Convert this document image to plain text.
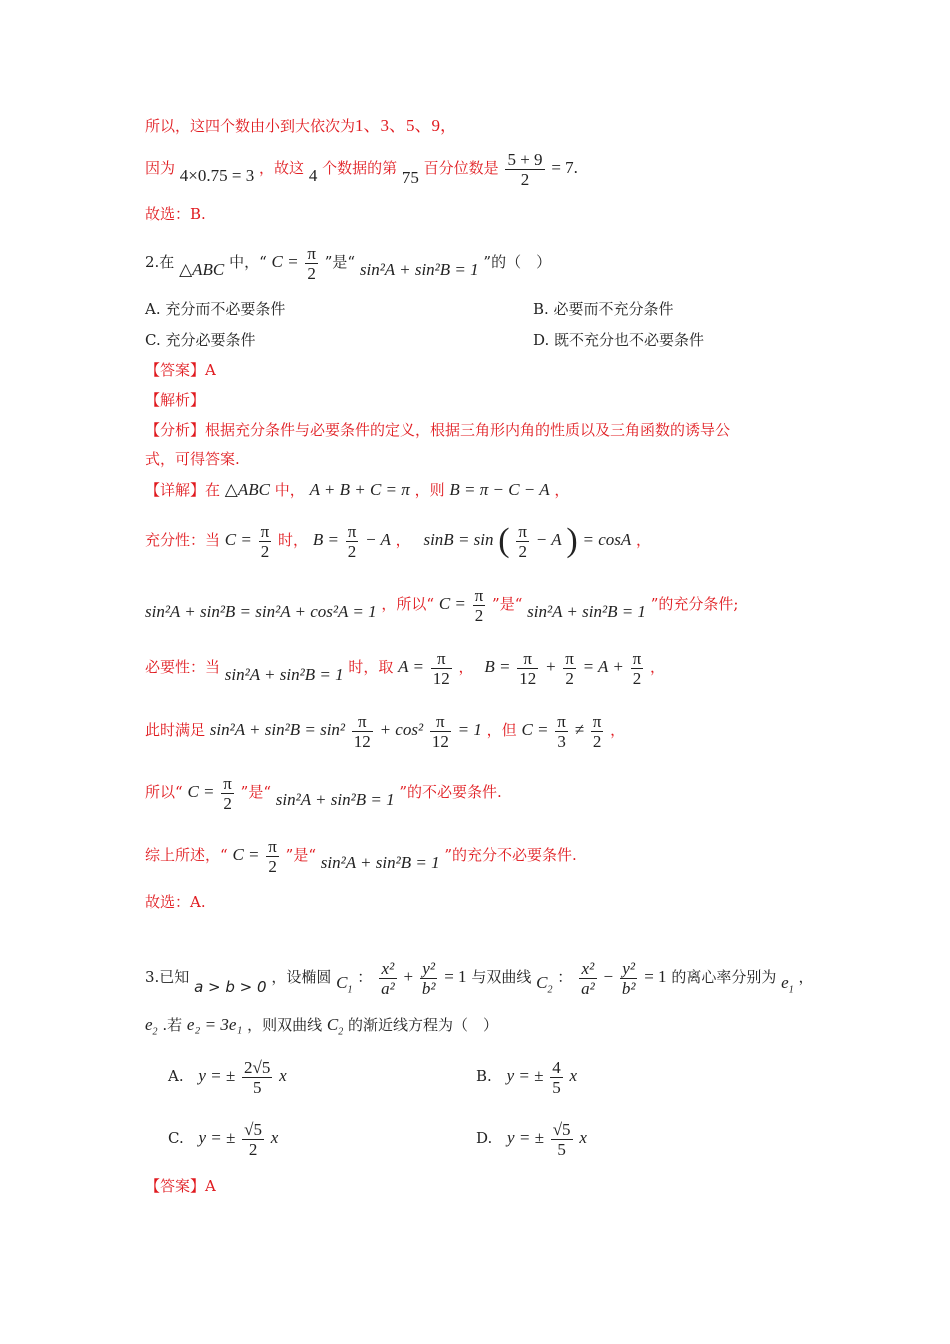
所以，这四个数由小到大依次为1、3、5、9，
因为 4×0.75 = 3 ，故这 4 个数据的第 75 百分位数是 $\frac{5 + 9}{2} = 7$.
故选：B.
2.在 △ABC 中，“ $C = \frac{\pi}{2}$ ”是“ sin²A + sin²B = 1 ”的（　）
A. 充分而不必要条件	B. 必要而不充分条件
C. 充分必要条件	D. 既不充分也不必要条件
【答案】A
【解析】
【分析】根据充分条件与必要条件的定义，根据三角形内角的性质以及三角函数的诱导公
式，可得答案.
【详解】在 △ABC 中， A + B + C = π ，则 B = π − C − A ，
充分性：当 $C = \frac{\pi}{2}$ 时， $B = \frac{\pi}{2} - A$ ， sinB = sin ( $\frac{\pi}{2} - A$ ) = cosA ，
sin²A + sin²B = sin²A + cos²A = 1 ，所以“ $C = \frac{\pi}{2}$ ”是“ sin²A + sin²B = 1 ”的充分条件;
必要性：当 sin²A + sin²B = 1 时，取 $A = \frac{\pi}{12}$ ， $B = \frac{\pi}{12} + \frac{\pi}{2} = A + \frac{\pi}{2}$ ，
此时满足 $\sin^2A + \sin^2B = \sin^2 \frac{\pi}{12} + \cos^2 \frac{\pi}{12} = 1$ ，但 $C = \frac{\pi}{3} \ne \frac{\pi}{2}$ ，
所以“ $C = \frac{\pi}{2}$ ”是“ sin²A + sin²B = 1 ”的不必要条件.
综上所述，“ $C = \frac{\pi}{2}$ ”是“ sin²A + sin²B = 1 ”的充分不必要条件.
故选：A.
3.已知 a > b > 0 ，设椭圆 $C_1$ ： $\frac{\text{x²}}{\text{a²}} + \frac{\text{y²}}{\text{b²}} = 1$ 与双曲线 $C_2$ ： $\frac{\text{x²}}{\text{a²}} - \frac{\text{y²}}{\text{b²}} = 1$ 的离心率分别为 $e_1$ ，
$e_2$ .若 e₂ = 3e₁ ，则双曲线 $C_2$ 的渐近线方程为（　）
A. y = ± $\frac{2√5}{5}$ x	B. y = ± $\frac{4}{5}$ x
C. y = ± $\frac{√5}{2}$ x	D. y = ± $\frac{√5}{5}$ x
【答案】A
